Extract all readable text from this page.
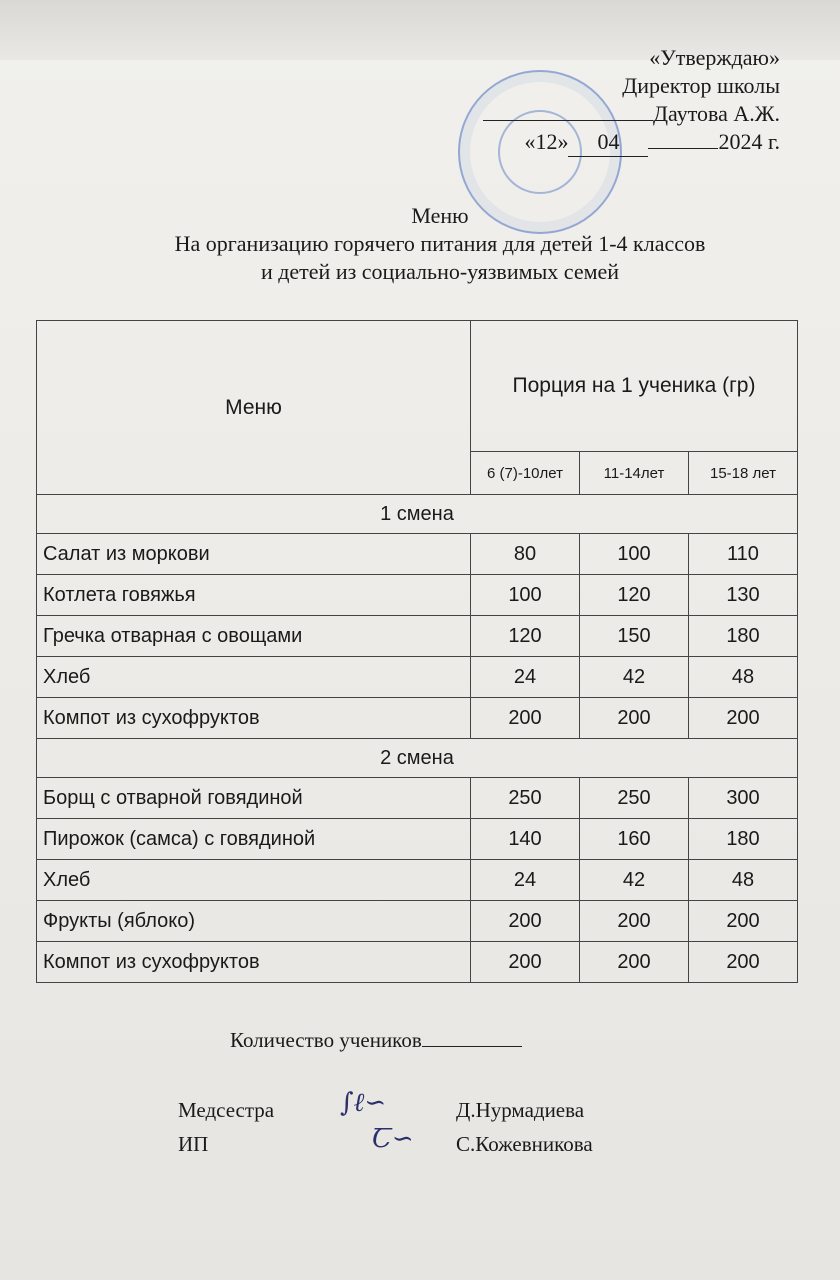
«Утверждаю»
Директор школы
Даутова А.Ж.
«12» 04	2024 г.
Меню
На организацию горячего питания для детей 1-4 классов
и детей из социально-уязвимых семей
Меню	Порция на 1 ученика (гр)		
	6 (7)-10лет	11-14лет	15-18 лет
1 смена			
Салат из моркови	80	100	110
Котлета говяжья	100	120	130
Гречка отварная с овощами	120	150	180
Хлеб	24	42	48
Компот из сухофруктов	200	200	200
2 смена			
Борщ с отварной говядиной	250	250	300
Пирожок (самса) с говядиной	140	160	180
Хлеб	24	42	48
Фрукты (яблоко)	200	200	200
Компот из сухофруктов	200	200	200
Количество учеников
Медсестра	∫ℓ∽	Д.Нурмадиева
ИП	Ꞇ∽ С.Кожевникова
